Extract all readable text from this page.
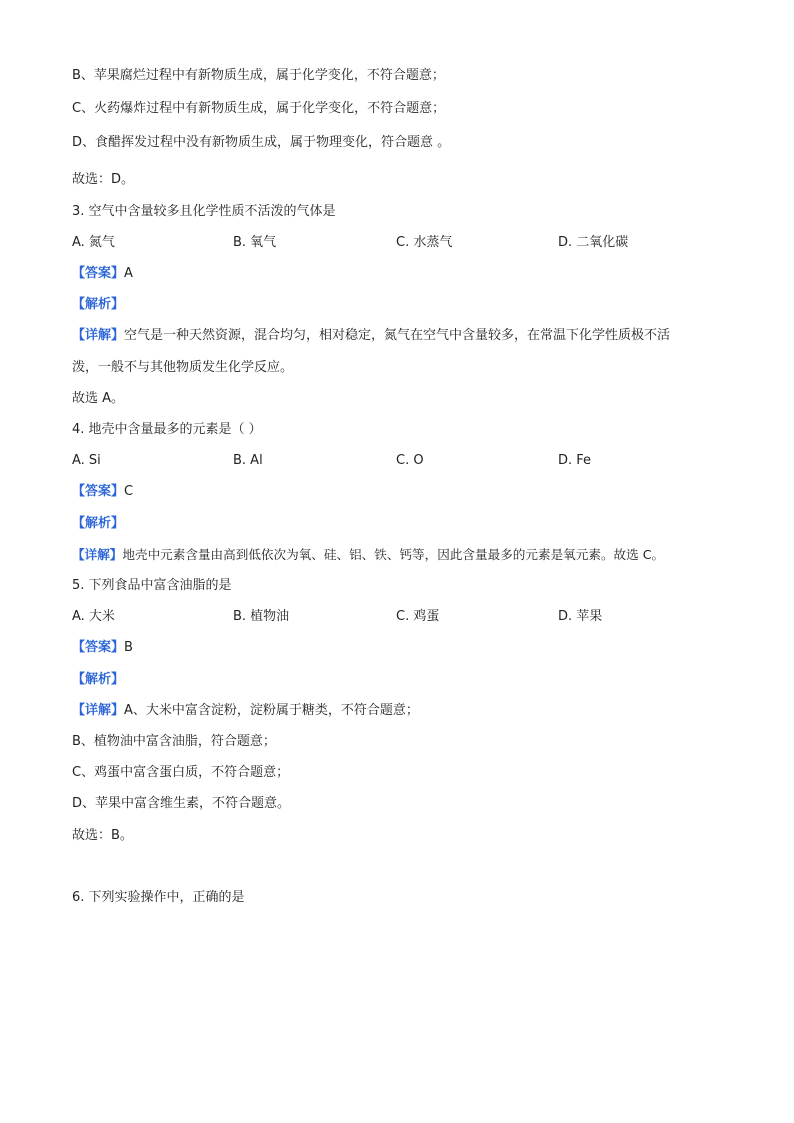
B、苹果腐烂过程中有新物质生成，属于化学变化，不符合题意；
C、火药爆炸过程中有新物质生成，属于化学变化，不符合题意；
D、食醋挥发过程中没有新物质生成，属于物理变化，符合题意 。
故选：D。
3. 空气中含量较多且化学性质不活泼的气体是
A. 氮气	B. 氧气	C. 水蒸气	D. 二氧化碳
【答案】A
【解析】
【详解】空气是一种天然资源，混合均匀，相对稳定，氮气在空气中含量较多，在常温下化学性质极不活
泼，一般不与其他物质发生化学反应。
故选 A。
4. 地壳中含量最多的元素是（ ）
A. Si	B. Al	C. O	D. Fe
【答案】C
【解析】
【详解】地壳中元素含量由高到低依次为氧、硅、铝、铁、钙等，因此含量最多的元素是氧元素。故选 C。
5. 下列食品中富含油脂的是
A. 大米	B. 植物油	C. 鸡蛋	D. 苹果
【答案】B
【解析】
【详解】A、大米中富含淀粉，淀粉属于糖类，不符合题意；
B、植物油中富含油脂，符合题意；
C、鸡蛋中富含蛋白质，不符合题意；
D、苹果中富含维生素，不符合题意。
故选：B。
6. 下列实验操作中，正确的是
